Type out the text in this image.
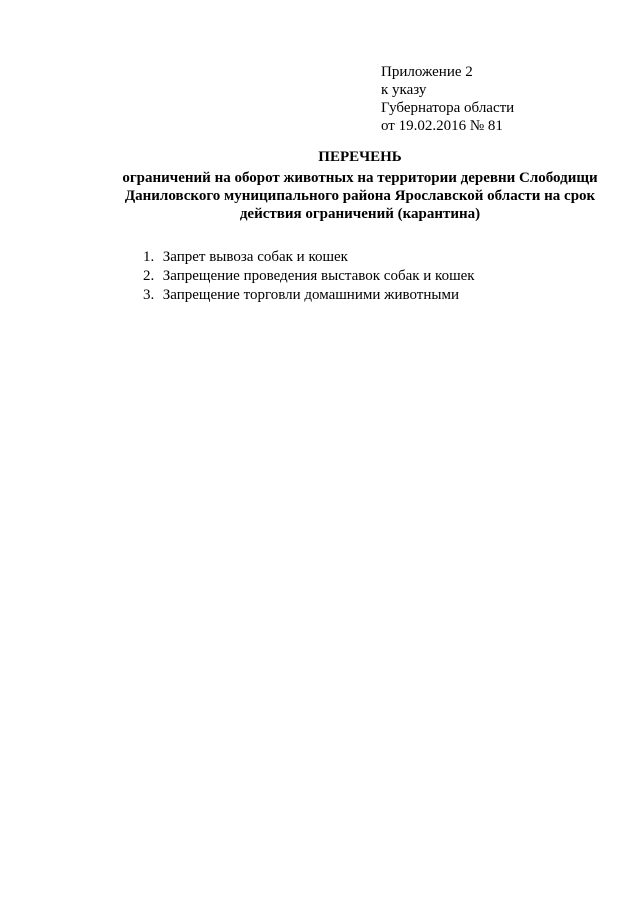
Приложение 2
к указу
Губернатора области
от 19.02.2016 № 81
ПЕРЕЧЕНЬ
ограничений на оборот животных на территории деревни Слободищи
Даниловского муниципального района Ярославской области на срок
действия ограничений (карантина)
1. Запрет вывоза собак и кошек
2. Запрещение проведения выставок собак и кошек
3. Запрещение торговли домашними животными
